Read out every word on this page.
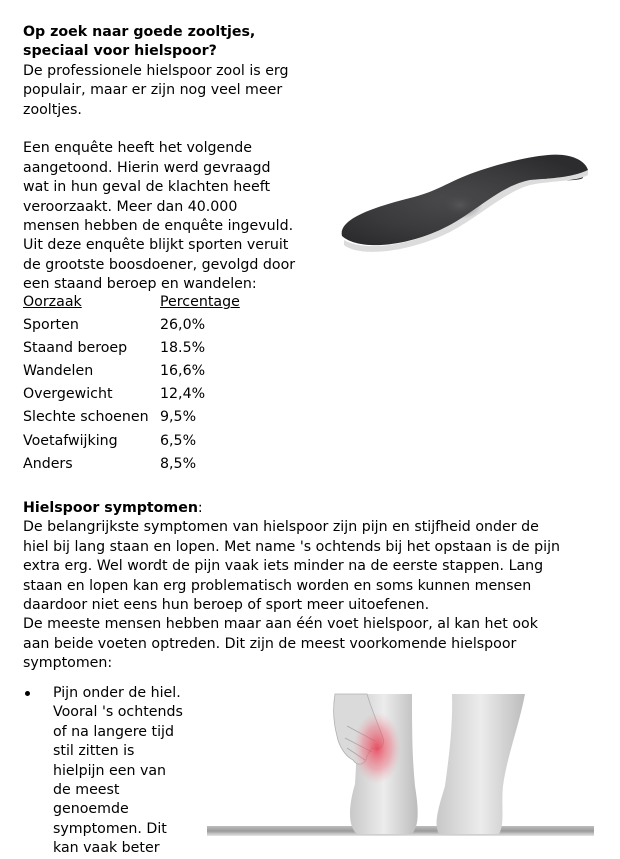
Op zoek naar goede zooltjes,
speciaal voor hielspoor?
De professionele hielspoor zool is erg
populair, maar er zijn nog veel meer
zooltjes.
Een enquête heeft het volgende
aangetoond. Hierin werd gevraagd
wat in hun geval de klachten heeft
veroorzaakt. Meer dan 40.000
mensen hebben de enquête ingevuld.
Uit deze enquête blijkt sporten veruit
de grootste boosdoener, gevolgd door
een staand beroep en wandelen:
Oorzaak	Percentage
Sporten	26,0%
Staand beroep	18.5%
Wandelen	16,6%
Overgewicht	12,4%
Slechte schoenen	9,5%
Voetafwijking	6,5%
Anders	8,5%
Hielspoor symptomen:
De belangrijkste symptomen van hielspoor zijn pijn en stijfheid onder de
hiel bij lang staan en lopen. Met name 's ochtends bij het opstaan is de pijn
extra erg. Wel wordt de pijn vaak iets minder na de eerste stappen. Lang
staan en lopen kan erg problematisch worden en soms kunnen mensen
daardoor niet eens hun beroep of sport meer uitoefenen.
De meeste mensen hebben maar aan één voet hielspoor, al kan het ook
aan beide voeten optreden. Dit zijn de meest voorkomende hielspoor
symptomen:
Pijn onder de hiel.
Vooral 's ochtends
of na langere tijd
stil zitten is
hielpijn een van
de meest
genoemde
symptomen. Dit
kan vaak beter
